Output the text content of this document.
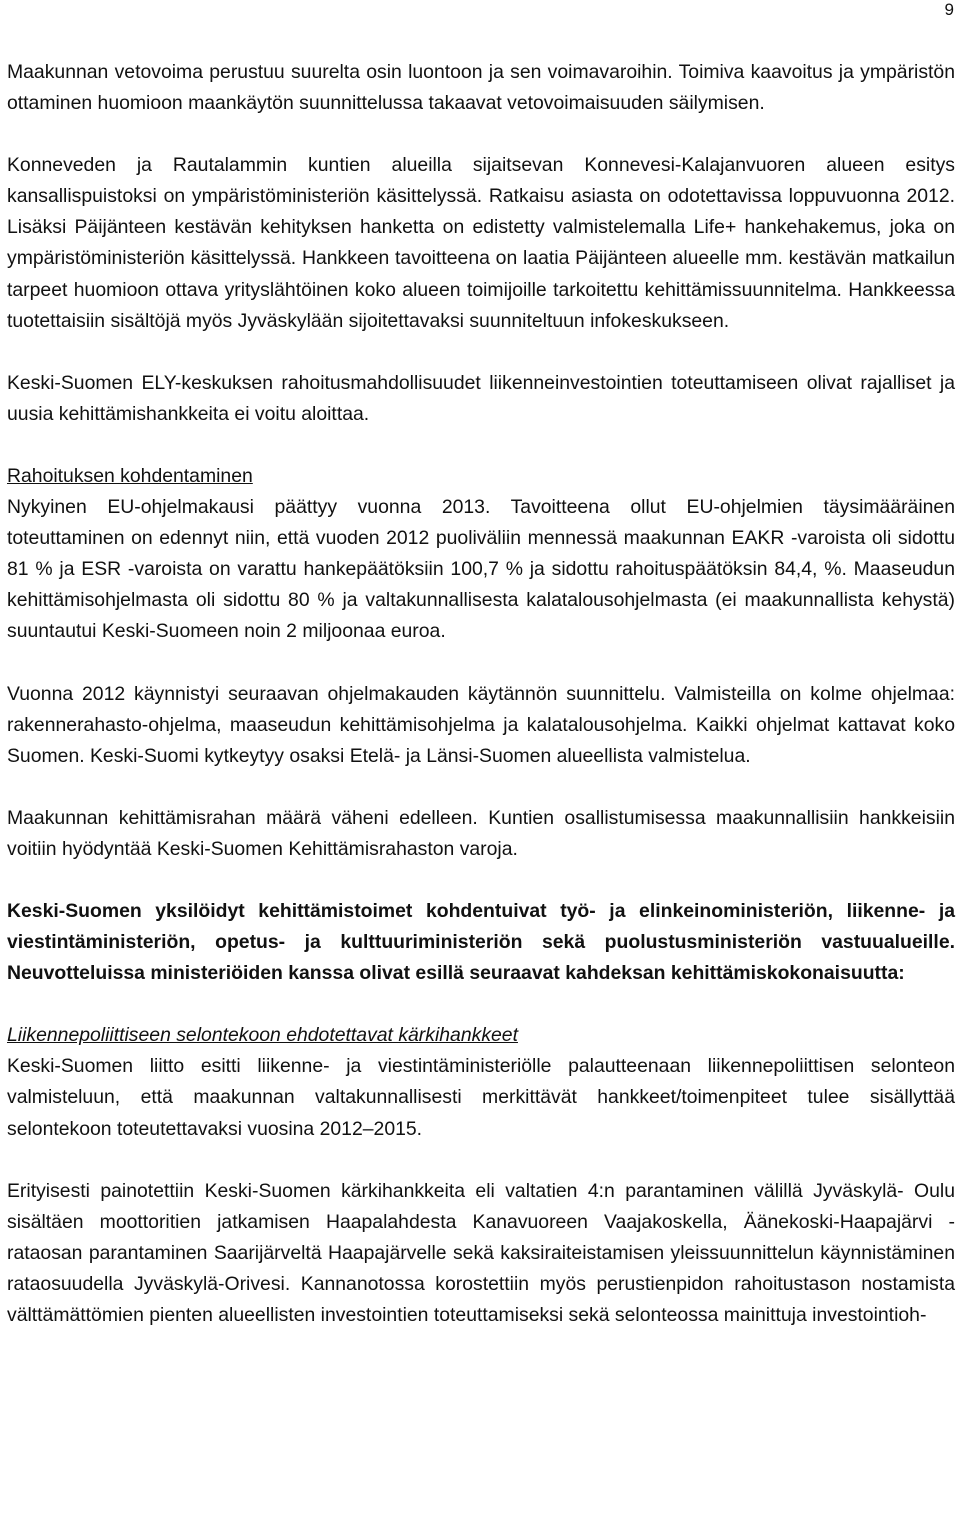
9

Maakunnan vetovoima perustuu suurelta osin luontoon ja sen voimavaroihin. Toimiva kaavoitus ja ympäristön ottaminen huomioon maankäytön suunnittelussa takaavat vetovoimaisuuden säilymisen.

Konneveden ja Rautalammin kuntien alueilla sijaitsevan Konnevesi-Kalajanvuoren alueen esitys kansallispuistoksi on ympäristöministeriön käsittelyssä. Ratkaisu asiasta on odotettavissa loppuvuonna 2012. Lisäksi Päijänteen kestävän kehityksen hanketta on edistetty valmistelemalla Life+ hankehakemus, joka on ympäristöministeriön käsittelyssä. Hankkeen tavoitteena on laatia Päijänteen alueelle mm. kestävän matkailun tarpeet huomioon ottava yrityslähtöinen koko alueen toimijoille tarkoitettu kehittämissuunnitelma. Hankkeessa tuotettaisiin sisältöjä myös Jyväskylään sijoitettavaksi suunniteltuun infokeskukseen.

Keski-Suomen ELY-keskuksen rahoitusmahdollisuudet liikenneinvestointien toteuttamiseen olivat rajalliset ja uusia kehittämishankkeita ei voitu aloittaa.

Rahoituksen kohdentaminen

Nykyinen EU-ohjelmakausi päättyy vuonna 2013. Tavoitteena ollut EU-ohjelmien täysimääräinen toteuttaminen on edennyt niin, että vuoden 2012 puoliväliin mennessä maakunnan EAKR -varoista oli sidottu 81 % ja ESR -varoista on varattu hankepäätöksiin 100,7 % ja sidottu rahoituspäätöksin 84,4, %. Maaseudun kehittämisohjelmasta oli sidottu 80 % ja valtakunnallisesta kalatalousohjelmasta (ei maakunnallista kehystä) suuntautui Keski-Suomeen noin 2 miljoonaa euroa.

Vuonna 2012 käynnistyi seuraavan ohjelmakauden käytännön suunnittelu. Valmisteilla on kolme ohjelmaa: rakennerahasto-ohjelma, maaseudun kehittämisohjelma ja kalatalousohjelma. Kaikki ohjelmat kattavat koko Suomen. Keski-Suomi kytkeytyy osaksi Etelä- ja Länsi-Suomen alueellista valmistelua.

Maakunnan kehittämisrahan määrä väheni edelleen. Kuntien osallistumisessa maakunnallisiin hankkeisiin voitiin hyödyntää Keski-Suomen Kehittämisrahaston varoja.

Keski-Suomen yksilöidyt kehittämistoimet kohdentuivat työ- ja elinkeinoministeriön, liikenne- ja viestintäministeriön, opetus- ja kulttuuriministeriön sekä puolustusministeriön vastuualueille. Neuvotteluissa ministeriöiden kanssa olivat esillä seuraavat kahdeksan kehittämiskokonaisuutta:

Liikennepoliittiseen selontekoon ehdotettavat kärkihankkeet

Keski-Suomen liitto esitti liikenne- ja viestintäministeriölle palautteenaan liikennepoliittisen selonteon valmisteluun, että maakunnan valtakunnallisesti merkittävät hankkeet/toimenpiteet tulee sisällyttää selontekoon toteutettavaksi vuosina 2012–2015.

Erityisesti painotettiin Keski-Suomen kärkihankkeita eli valtatien 4:n parantaminen välillä Jyväskylä- Oulu sisältäen moottoritien jatkamisen Haapalahdesta Kanavuoreen Vaajakoskella, Äänekoski-Haapajärvi -rataosan parantaminen Saarijärveltä Haapajärvelle sekä kaksiraiteistamisen yleissuunnittelun käynnistäminen rataosuudella Jyväskylä-Orivesi. Kannanotossa korostettiin myös perustienpidon rahoitustason nostamista välttämättömien pienten alueellisten investointien toteuttamiseksi sekä selonteossa mainittuja investointioh-
